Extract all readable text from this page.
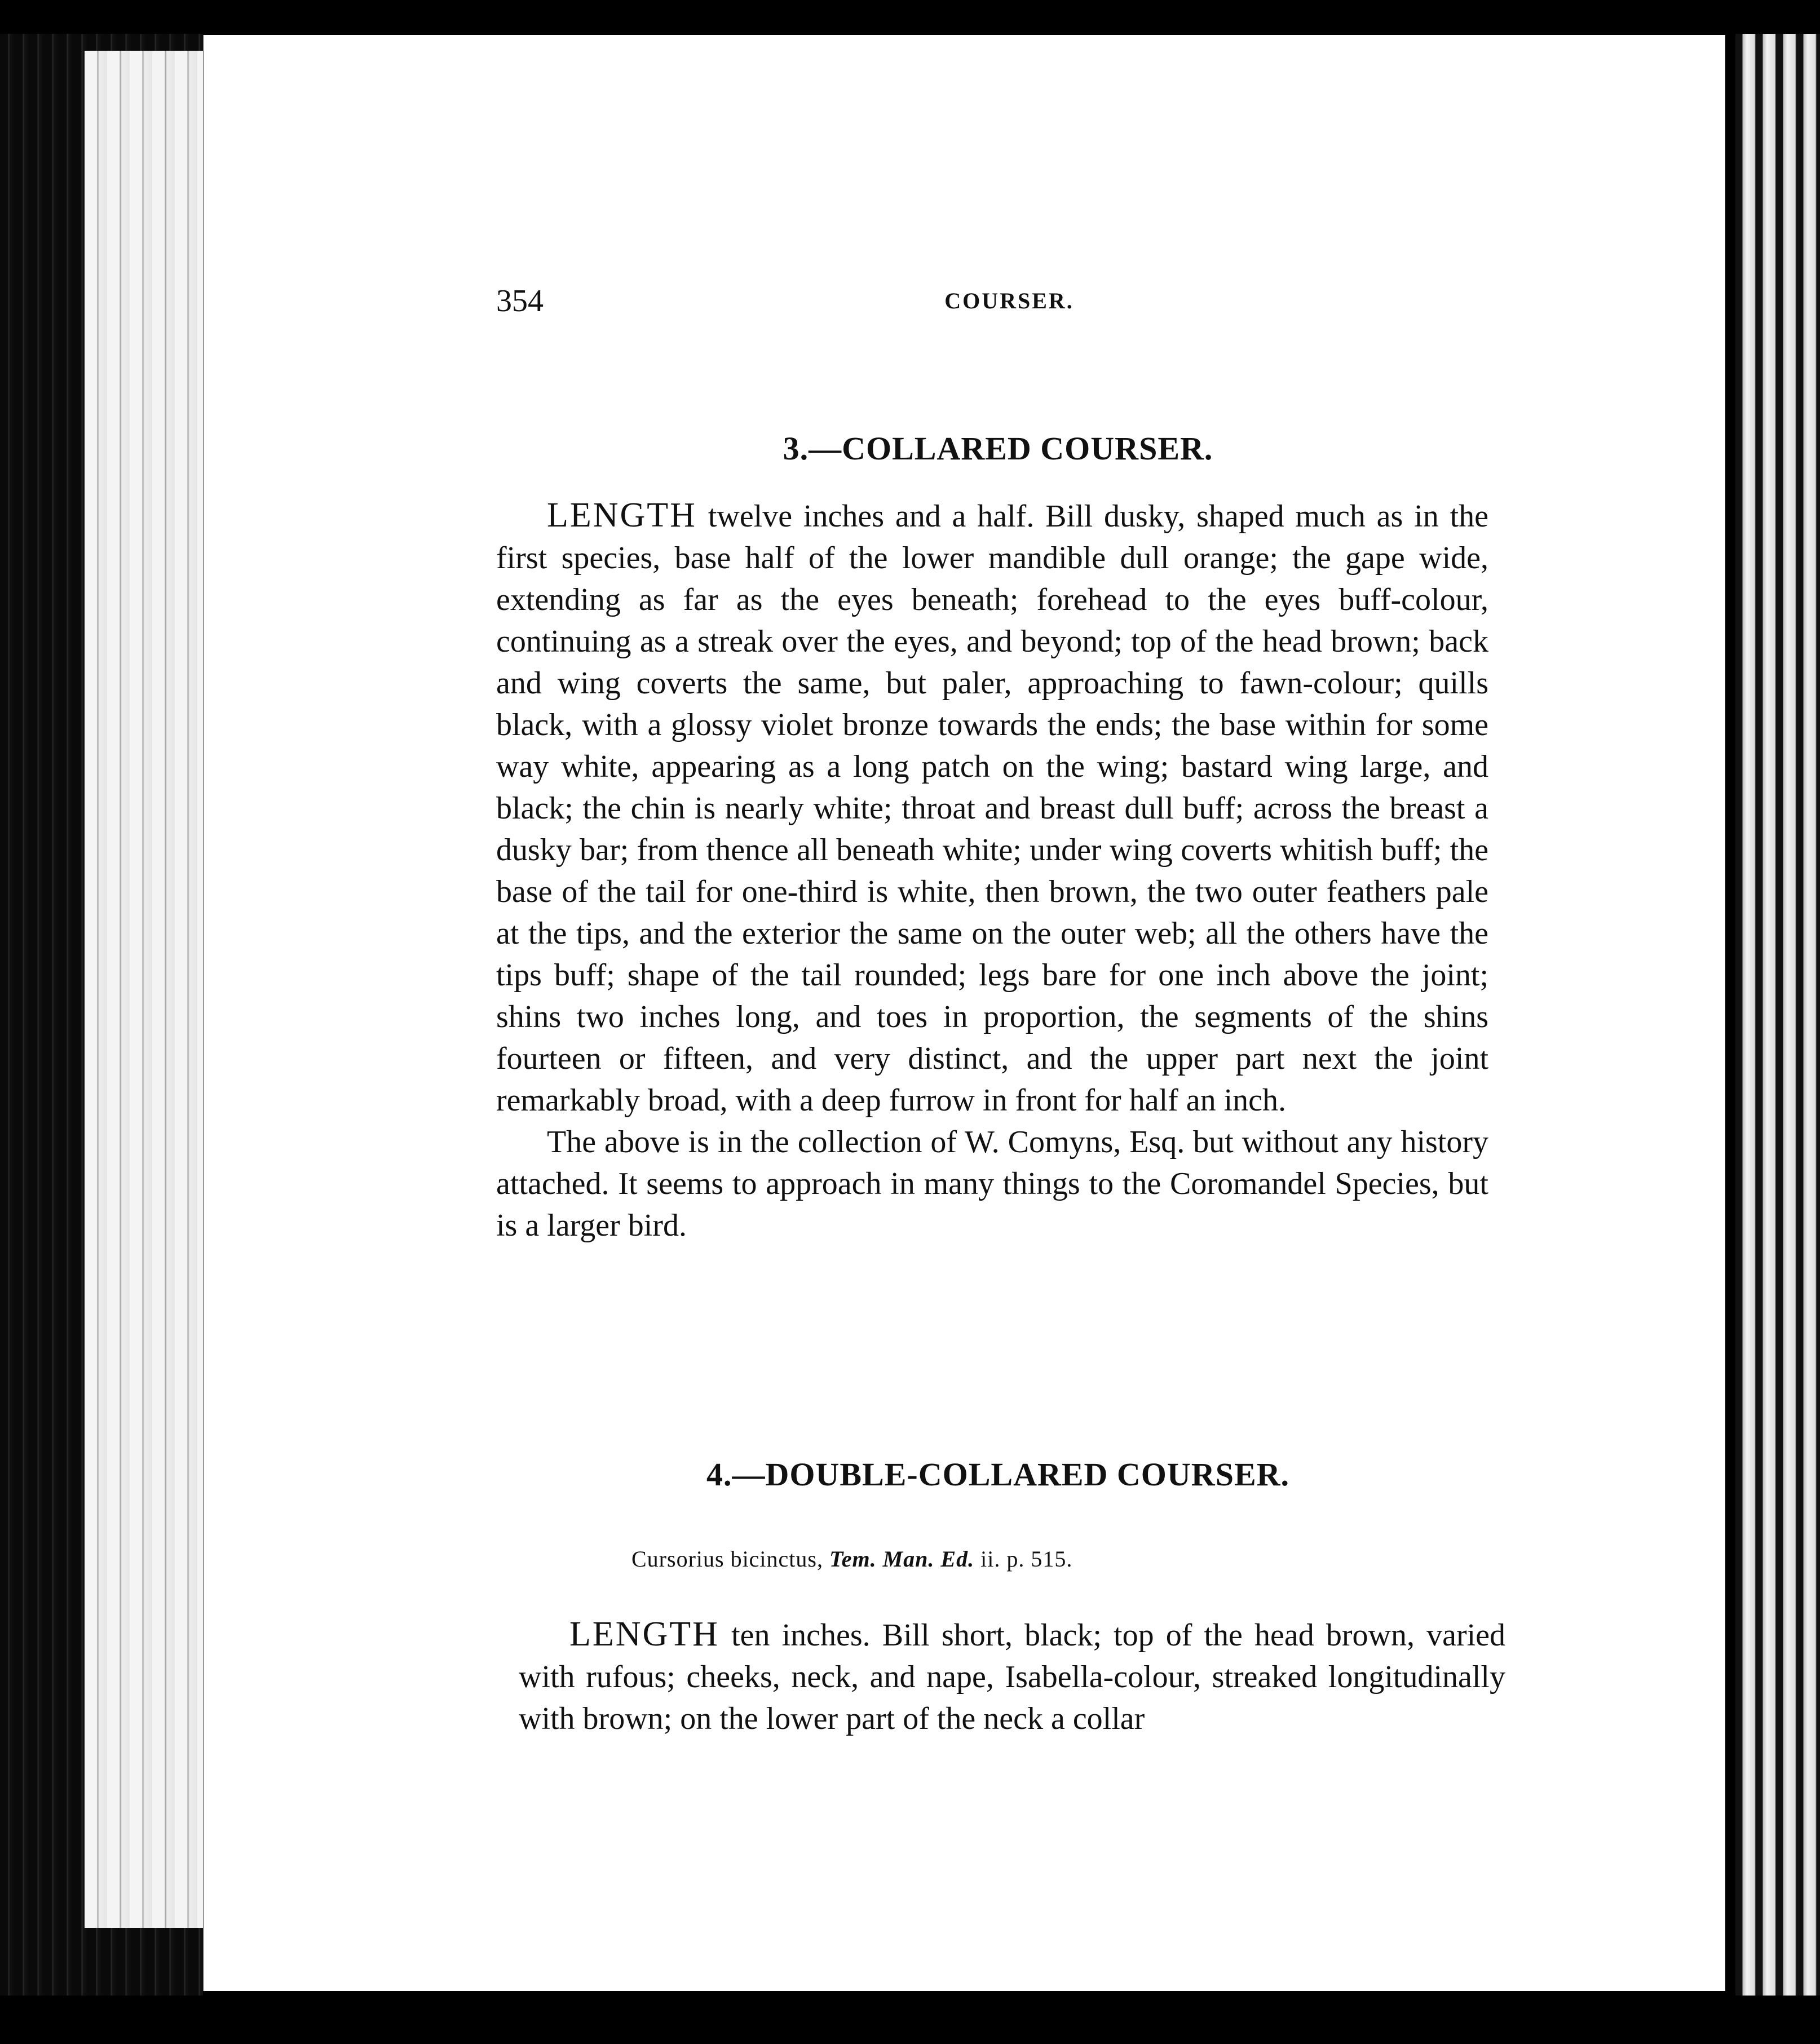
354	COURSER.
3.—COLLARED COURSER.

LENGTH twelve inches and a half. Bill dusky, shaped much as in the first species, base half of the lower mandible dull orange; the gape wide, extending as far as the eyes beneath; forehead to the eyes buff-colour, continuing as a streak over the eyes, and beyond; top of the head brown; back and wing coverts the same, but paler, approaching to fawn-colour; quills black, with a glossy violet bronze towards the ends; the base within for some way white, appearing as a long patch on the wing; bastard wing large, and black; the chin is nearly white; throat and breast dull buff; across the breast a dusky bar; from thence all beneath white; under wing coverts whitish buff; the base of the tail for one-third is white, then brown, the two outer feathers pale at the tips, and the exterior the same on the outer web; all the others have the tips buff; shape of the tail rounded; legs bare for one inch above the joint; shins two inches long, and toes in proportion, the segments of the shins fourteen or fifteen, and very distinct, and the upper part next the joint remarkably broad, with a deep furrow in front for half an inch.

The above is in the collection of W. Comyns, Esq. but without any history attached. It seems to approach in many things to the Coromandel Species, but is a larger bird.

4.—DOUBLE-COLLARED COURSER.
Cursorius bicinctus, Tem. Man. Ed. ii. p. 515.

LENGTH ten inches. Bill short, black; top of the head brown, varied with rufous; cheeks, neck, and nape, Isabella-colour, streaked longitudinally with brown; on the lower part of the neck a collar
